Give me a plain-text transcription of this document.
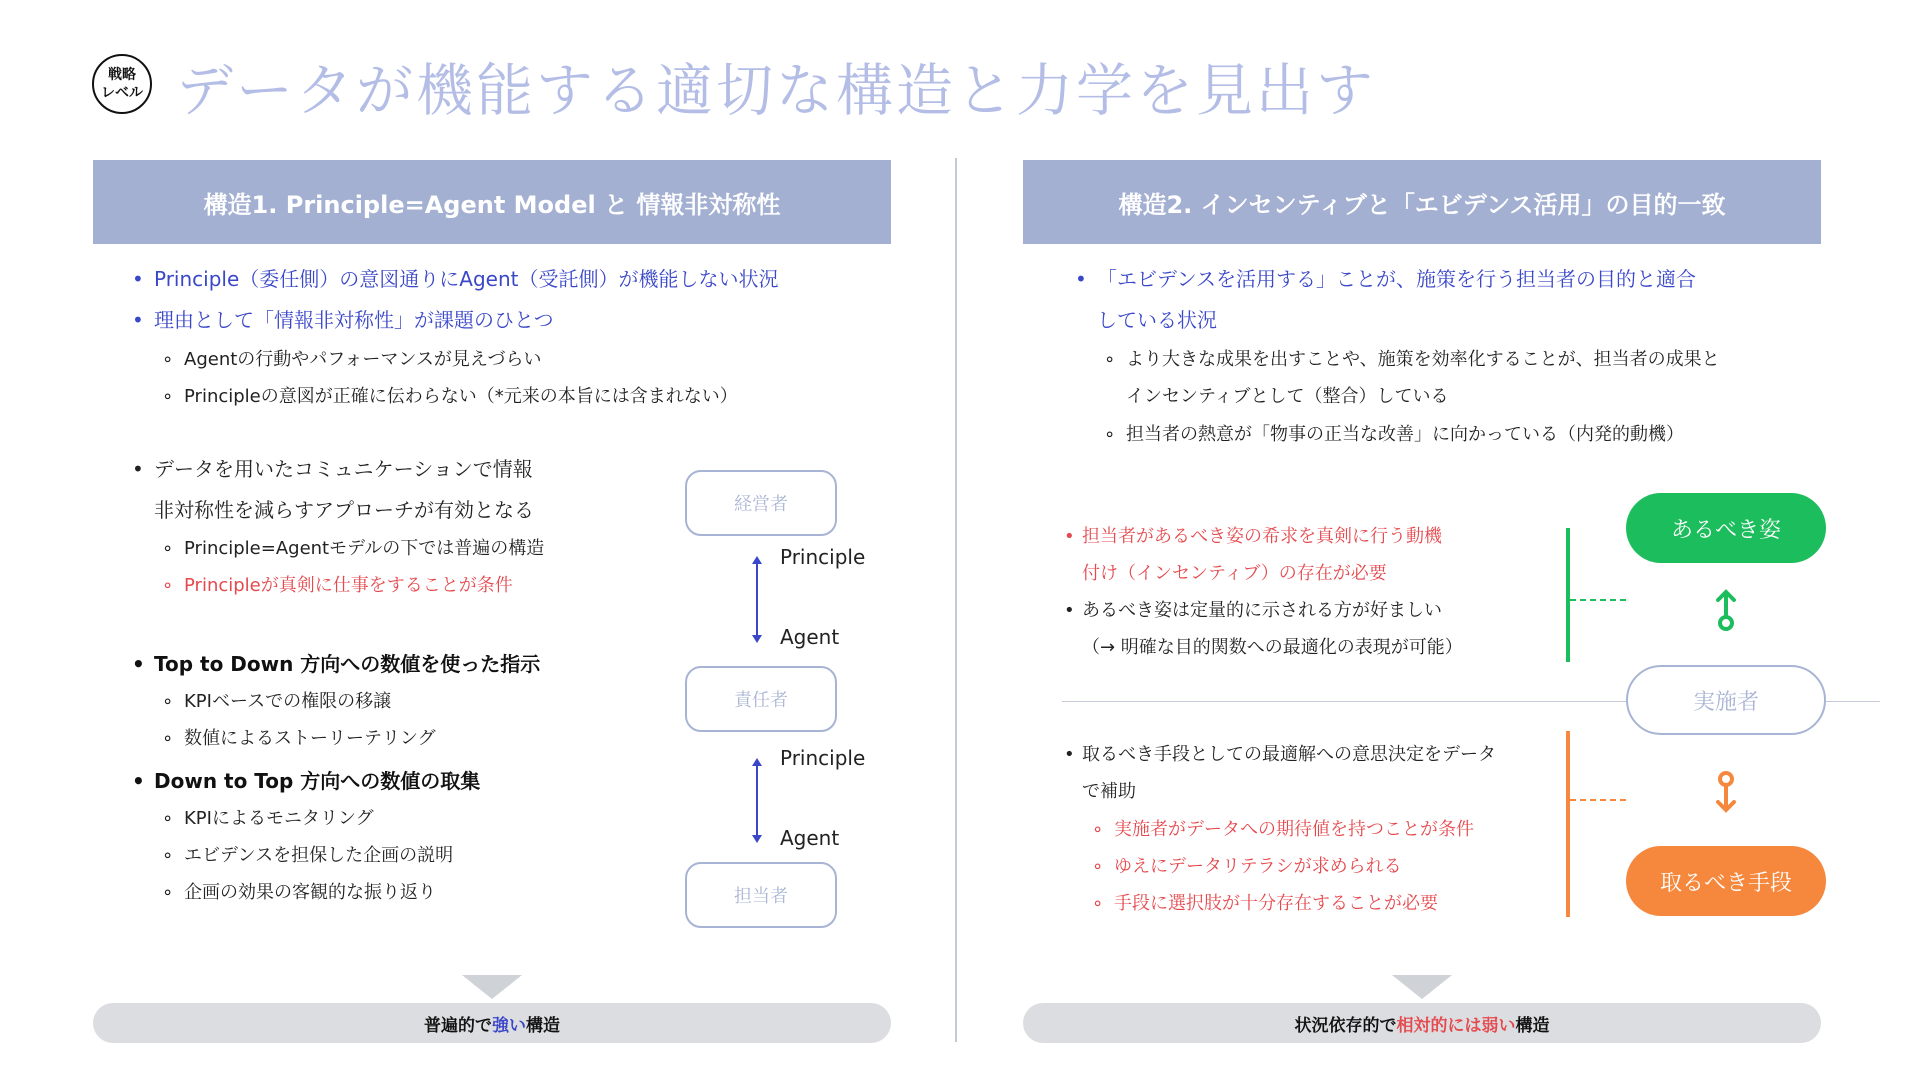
戦略
レベル データが機能する適切な構造と力学を見出す
構造1. Principle=Agent Model と 情報非対称性	構造2. インセンティブと「エビデンス活用」の目的一致
• Principle（委任側）の意図通りにAgent（受託側）が機能しない状況
• 理由として「情報非対称性」が課題のひとつ
∘ Agentの行動やパフォーマンスが見えづらい
∘ Principleの意図が正確に伝わらない（*元来の本旨には含まれない）
• データを用いたコミュニケーションで情報
非対称性を減らすアプローチが有効となる
∘ Principle=Agentモデルの下では普遍の構造
∘ Principleが真剣に仕事をすることが条件
• Top to Down 方向への数値を使った指示
∘ KPIベースでの権限の移譲
∘ 数値によるストーリーテリング
• Down to Top 方向への数値の取集
∘ KPIによるモニタリング
∘ エビデンスを担保した企画の説明
∘ 企画の効果の客観的な振り返り
経営者
責任者
担当者
Principle
Agent
Principle
Agent
普遍的で 強い 構造
• 「エビデンスを活用する」ことが、施策を行う担当者の目的と適合
している状況
∘ より大きな成果を出すことや、施策を効率化することが、担当者の成果と
インセンティブとして（整合）している
∘ 担当者の熱意が「物事の正当な改善」に向かっている（内発的動機）
• 担当者があるべき姿の希求を真剣に行う動機
付け（インセンティブ）の存在が必要
• あるべき姿は定量的に示される方が好ましい
（→ 明確な目的関数への最適化の表現が可能）
• 取るべき手段としての最適解への意思決定をデータ
で補助
∘ 実施者がデータへの期待値を持つことが条件
∘ ゆえにデータリテラシが求められる
∘ 手段に選択肢が十分存在することが必要
あるべき姿
実施者
取るべき手段
状況依存的で 相対的には弱い 構造
